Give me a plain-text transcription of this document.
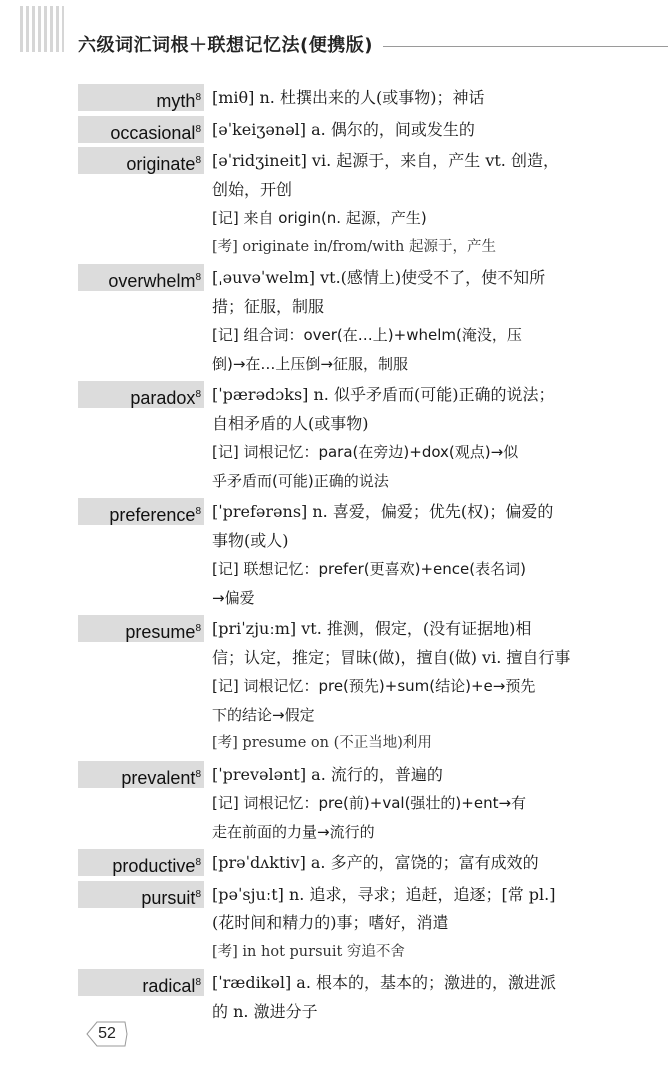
六级词汇词根＋联想记忆法(便携版)
myth$^8$ [miθ] n. 杜撰出来的人(或事物)；神话
occasional$^8$ [əˈkeiʒənəl] a. 偶尔的，间或发生的
originate$^8$ [əˈridʒineit] vi. 起源于，来自，产生 vt. 创造，
创始，开创
[记] 来自 origin(n. 起源，产生)
[考] originate in/from/with 起源于，产生
overwhelm$^8$ [ˌəuvəˈwelm] vt.(感情上)使受不了，使不知所
措；征服，制服
[记] 组合词：over(在…上)+whelm(淹没，压
倒)→在…上压倒→征服，制服
paradox$^8$ [ˈpærədɔks] n. 似乎矛盾而(可能)正确的说法；
自相矛盾的人(或事物)
[记] 词根记忆：para(在旁边)+dox(观点)→似
乎矛盾而(可能)正确的说法
preference$^8$ [ˈprefərəns] n. 喜爱，偏爱；优先(权)；偏爱的
事物(或人)
[记] 联想记忆：prefer(更喜欢)+ence(表名词)
→偏爱
presume$^8$ [priˈzjuːm] vt. 推测，假定，(没有证据地)相
信；认定，推定；冒昧(做)，擅自(做) vi. 擅自行事
[记] 词根记忆：pre(预先)+sum(结论)+e→预先
下的结论→假定
[考] presume on (不正当地)利用
prevalent$^8$ [ˈprevələnt] a. 流行的，普遍的
[记] 词根记忆：pre(前)+val(强壮的)+ent→有
走在前面的力量→流行的
productive$^8$ [prəˈdʌktiv] a. 多产的，富饶的；富有成效的
pursuit$^8$ [pəˈsjuːt] n. 追求，寻求；追赶，追逐；[常 pl.]
(花时间和精力的)事；嗜好，消遣
[考] in hot pursuit 穷追不舍
radical$^8$ [ˈrædikəl] a. 根本的，基本的；激进的，激进派
的 n. 激进分子
52
